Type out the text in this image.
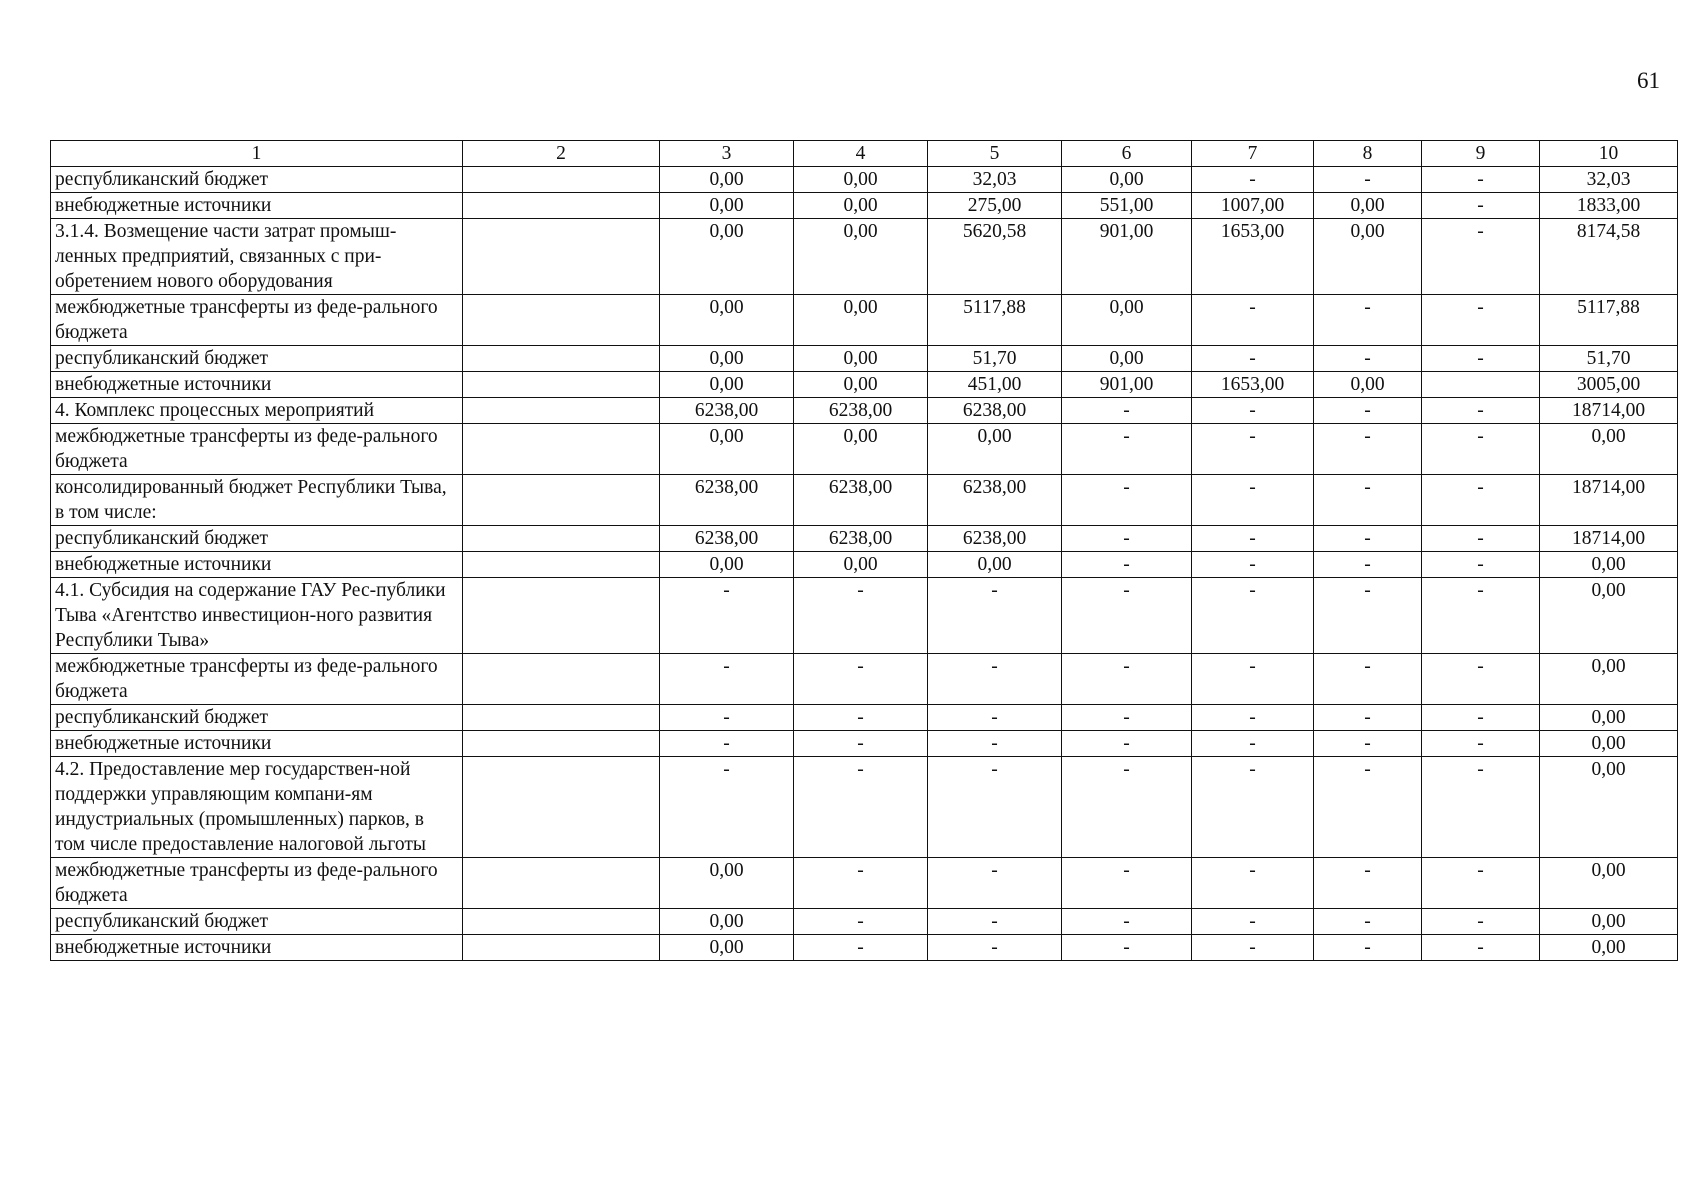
61
1	2	3	4	5	6	7	8	9	10
республиканский бюджет		0,00	0,00	32,03	0,00	-	-	-	32,03
внебюджетные источники		0,00	0,00	275,00	551,00	1007,00	0,00	-	1833,00
3.1.4. Возмещение части затрат промыш-ленных предприятий, связанных с при-обретением нового оборудования		0,00	0,00	5620,58	901,00	1653,00	0,00	-	8174,58
межбюджетные трансферты из феде-рального бюджета		0,00	0,00	5117,88	0,00	-	-	-	5117,88
республиканский бюджет		0,00	0,00	51,70	0,00	-	-	-	51,70
внебюджетные источники		0,00	0,00	451,00	901,00	1653,00	0,00		3005,00
4. Комплекс процессных мероприятий		6238,00	6238,00	6238,00	-	-	-	-	18714,00
межбюджетные трансферты из феде-рального бюджета		0,00	0,00	0,00	-	-	-	-	0,00
консолидированный бюджет Республики Тыва, в том числе:		6238,00	6238,00	6238,00	-	-	-	-	18714,00
республиканский бюджет		6238,00	6238,00	6238,00	-	-	-	-	18714,00
внебюджетные источники		0,00	0,00	0,00	-	-	-	-	0,00
4.1. Субсидия на содержание ГАУ Рес-публики Тыва «Агентство инвестицион-ного развития Республики Тыва»		-	-	-	-	-	-	-	0,00
межбюджетные трансферты из феде-рального бюджета		-	-	-	-	-	-	-	0,00
республиканский бюджет		-	-	-	-	-	-	-	0,00
внебюджетные источники		-	-	-	-	-	-	-	0,00
4.2. Предоставление мер государствен-ной поддержки управляющим компани-ям индустриальных (промышленных) парков, в том числе предоставление налоговой льготы		-	-	-	-	-	-	-	0,00
межбюджетные трансферты из феде-рального бюджета		0,00	-	-	-	-	-	-	0,00
республиканский бюджет		0,00	-	-	-	-	-	-	0,00
внебюджетные источники		0,00	-	-	-	-	-	-	0,00
